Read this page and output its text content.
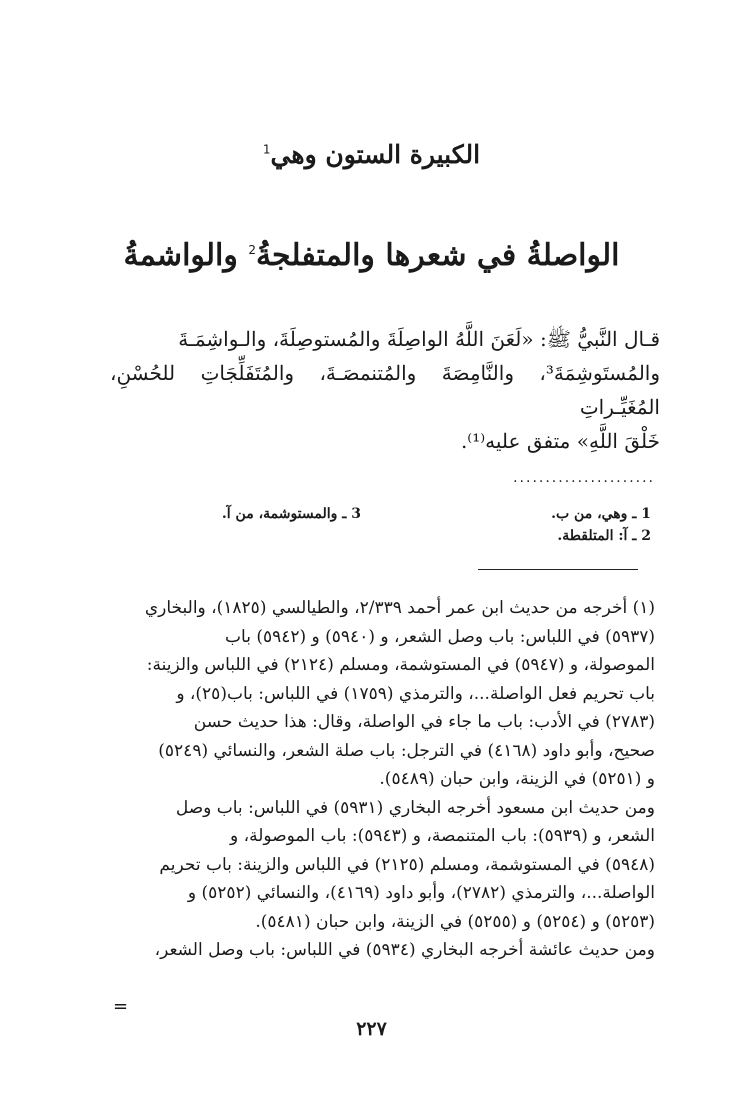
الكبيرة الستون وهي$^1$
الواصلةُ في شعرها والمتفلجةُ$^2$ والواشمةُ
قـال النَّبيُّ ﷺ: «لَعَنَ اللَّهُ الواصِلَةَ والمُستوصِلَةَ، والـواشِمَـةَ
والمُستَوشِمَةَ³، والنَّامِصَةَ والمُتنمصَـةَ، والمُتَفَلِّجَاتِ للحُسْنِ، المُغَيِّـراتِ
خَلْقَ اللَّهِ» متفق عليه⁽¹⁾.
......................
1 ـ وهي، من ب.
2 ـ آ: المتلقطة.
3 ـ والمستوشمة، من آ.
(١) أخرجه من حديث ابن عمر أحمد ٢/٣٣٩، والطيالسي (١٨٢٥)، والبخاري
(٥٩٣٧) في اللباس: باب وصل الشعر، و (٥٩٤٠) و (٥٩٤٢) باب
الموصولة، و (٥٩٤٧) في المستوشمة، ومسلم (٢١٢٤) في اللباس والزينة:
باب تحريم فعل الواصلة...، والترمذي (١٧٥٩) في اللباس: باب(٢٥)، و
(٢٧٨٣) في الأدب: باب ما جاء في الواصلة، وقال: هذا حديث حسن
صحيح، وأبو داود (٤١٦٨) في الترجل: باب صلة الشعر، والنسائي (٥٢٤٩)
و (٥٢٥١) في الزينة، وابن حبان (٥٤٨٩).
ومن حديث ابن مسعود أخرجه البخاري (٥٩٣١) في اللباس: باب وصل
الشعر، و (٥٩٣٩): باب المتنمصة، و (٥٩٤٣): باب الموصولة، و
(٥٩٤٨) في المستوشمة، ومسلم (٢١٢٥) في اللباس والزينة: باب تحريم
الواصلة...، والترمذي (٢٧٨٢)، وأبو داود (٤١٦٩)، والنسائي (٥٢٥٢) و
(٥٢٥٣) و (٥٢٥٤) و (٥٢٥٥) في الزينة، وابن حبان (٥٤٨١).
ومن حديث عائشة أخرجه البخاري (٥٩٣٤) في اللباس: باب وصل الشعر،
=
٢٢٧
